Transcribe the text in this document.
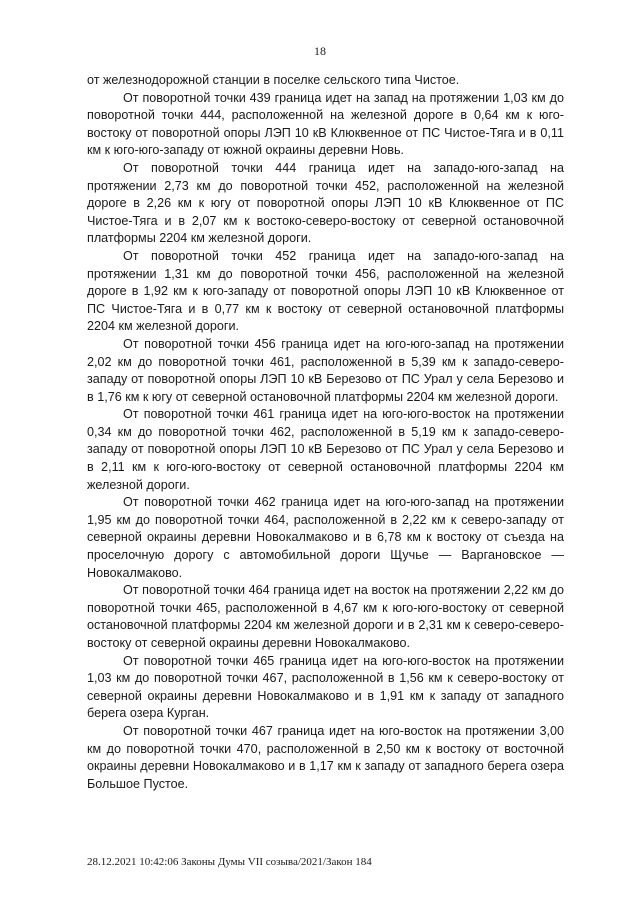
18

от железнодорожной станции в поселке сельского типа Чистое.

От поворотной точки 439 граница идет на запад на протяжении 1,03 км до поворотной точки 444, расположенной на железной дороге в 0,64 км к юго-востоку от поворотной опоры ЛЭП 10 кВ Клюквенное от ПС Чистое-Тяга и в 0,11 км к юго-юго-западу от южной окраины деревни Новь.

От поворотной точки 444 граница идет на западо-юго-запад на протяжении 2,73 км до поворотной точки 452, расположенной на железной дороге в 2,26 км к югу от поворотной опоры ЛЭП 10 кВ Клюквенное от ПС Чистое-Тяга и в 2,07 км к востоко-северо-востоку от северной остановочной платформы 2204 км железной дороги.

От поворотной точки 452 граница идет на западо-юго-запад на протяжении 1,31 км до поворотной точки 456, расположенной на железной дороге в 1,92 км к юго-западу от поворотной опоры ЛЭП 10 кВ Клюквенное от ПС Чистое-Тяга и в 0,77 км к востоку от северной остановочной платформы 2204 км железной дороги.

От поворотной точки 456 граница идет на юго-юго-запад на протяжении 2,02 км до поворотной точки 461, расположенной в 5,39 км к западо-северо-западу от поворотной опоры ЛЭП 10 кВ Березово от ПС Урал у села Березово и в 1,76 км к югу от северной остановочной платформы 2204 км железной дороги.

От поворотной точки 461 граница идет на юго-юго-восток на протяжении 0,34 км до поворотной точки 462, расположенной в 5,19 км к западо-северо-западу от поворотной опоры ЛЭП 10 кВ Березово от ПС Урал у села Березово и в 2,11 км к юго-юго-востоку от северной остановочной платформы 2204 км железной дороги.

От поворотной точки 462 граница идет на юго-юго-запад на протяжении 1,95 км до поворотной точки 464, расположенной в 2,22 км к северо-западу от северной окраины деревни Новокалмаково и в 6,78 км к востоку от съезда на проселочную дорогу с автомобильной дороги Щучье — Варгановское — Новокалмаково.

От поворотной точки 464 граница идет на восток на протяжении 2,22 км до поворотной точки 465, расположенной в 4,67 км к юго-юго-востоку от северной остановочной платформы 2204 км железной дороги и в 2,31 км к северо-северо-востоку от северной окраины деревни Новокалмаково.

От поворотной точки 465 граница идет на юго-юго-восток на протяжении 1,03 км до поворотной точки 467, расположенной в 1,56 км к северо-востоку от северной окраины деревни Новокалмаково и в 1,91 км к западу от западного берега озера Курган.

От поворотной точки 467 граница идет на юго-восток на протяжении 3,00 км до поворотной точки 470, расположенной в 2,50 км к востоку от восточной окраины деревни Новокалмаково и в 1,17 км к западу от западного берега озера Большое Пустое.

28.12.2021 10:42:06 Законы Думы VII созыва/2021/Закон 184
